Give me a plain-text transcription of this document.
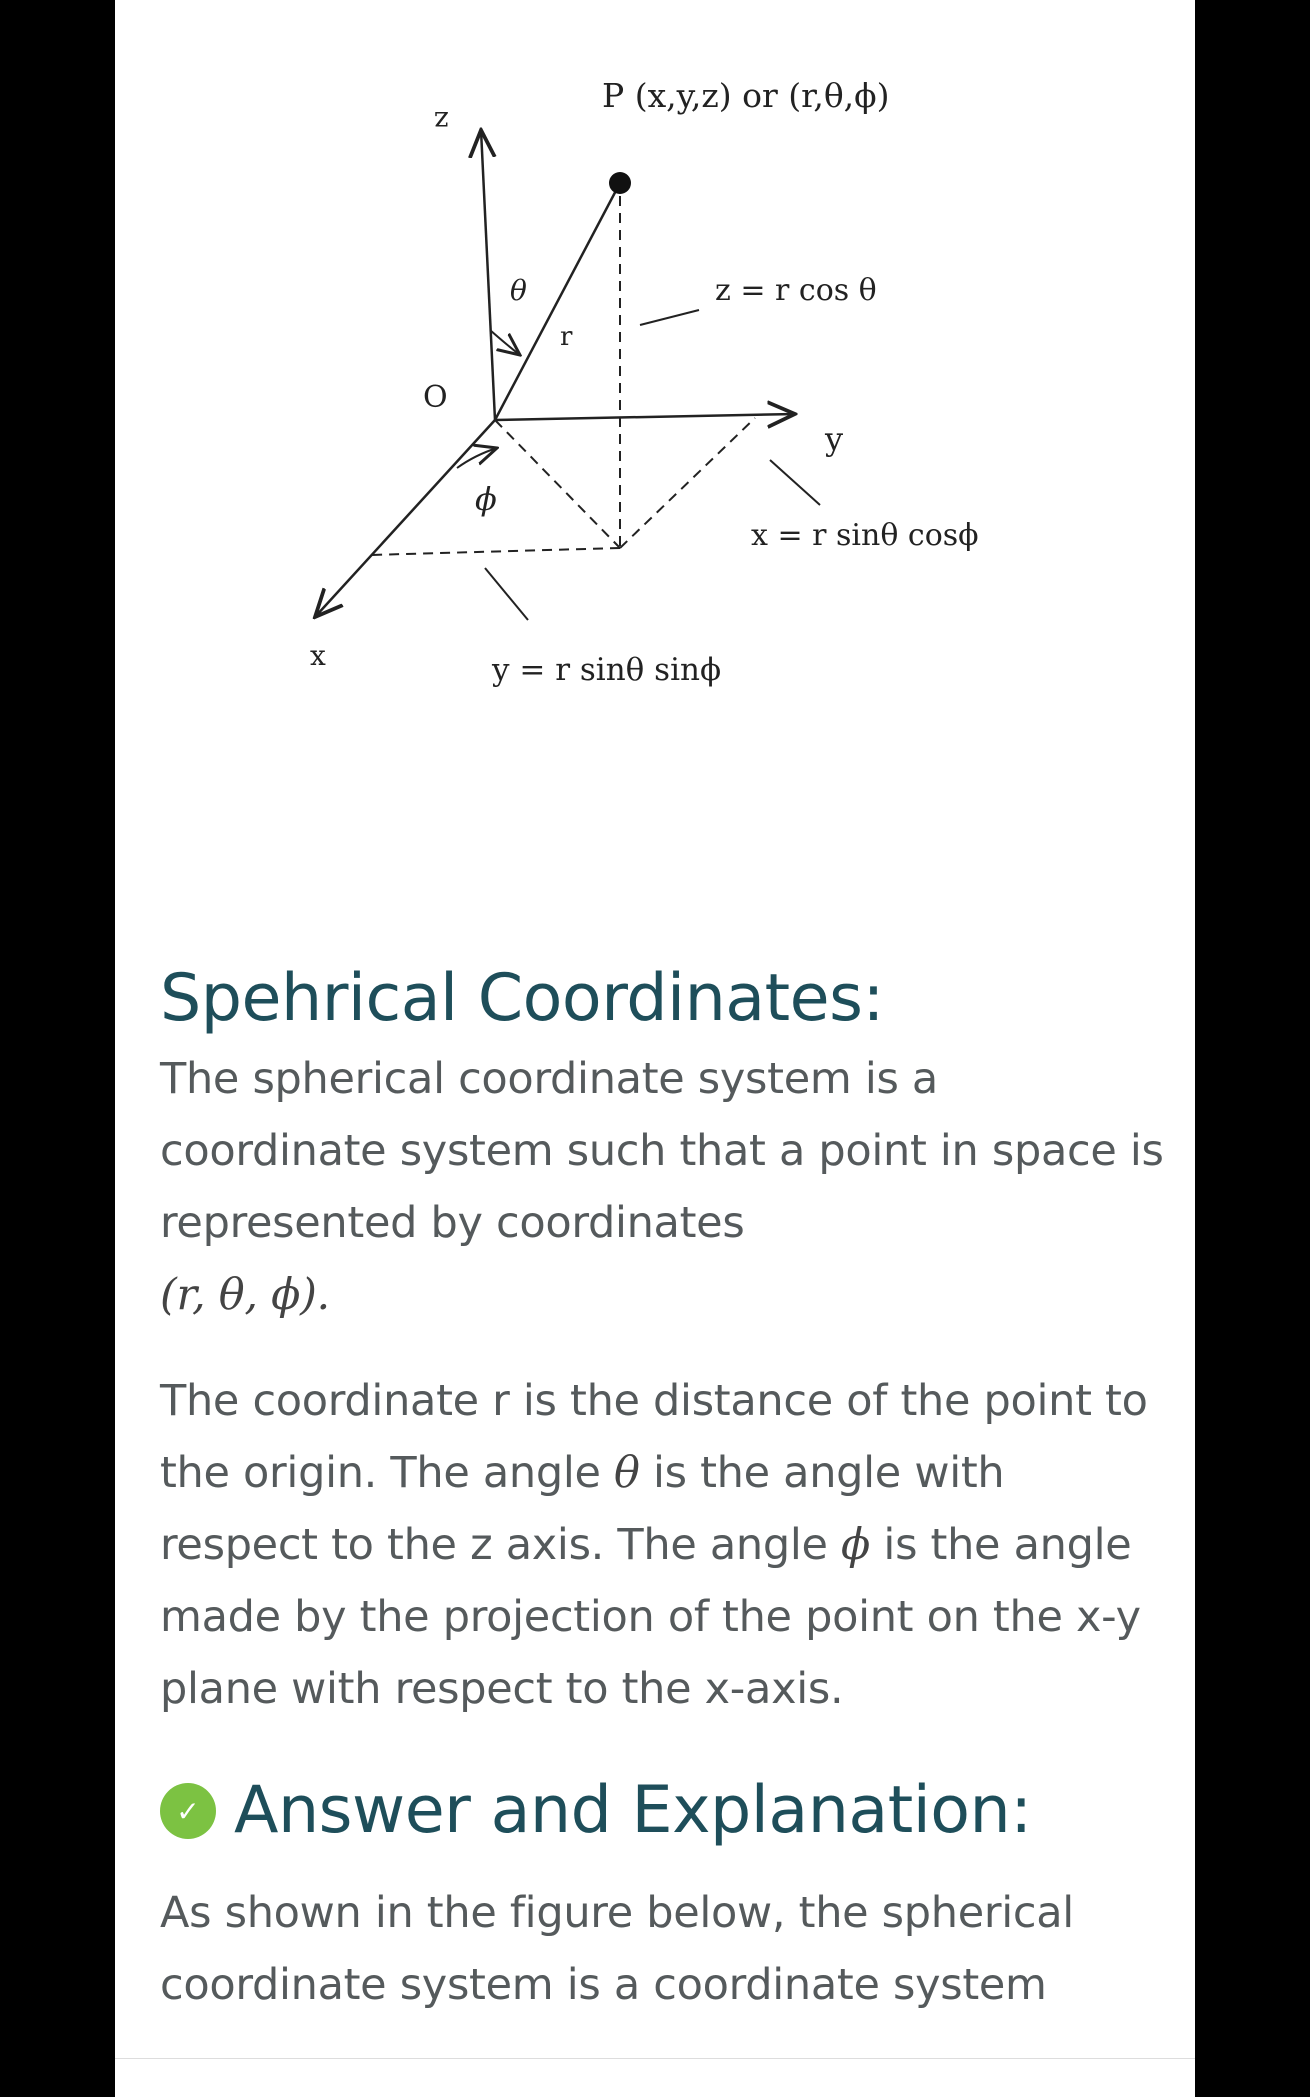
P (x,y,z) or (r,θ,ϕ)
z
θ
r
O
ϕ
x
y
z = r cos θ
x = r sinθ cosϕ
y = r sinθ sinϕ
Spehrical Coordinates:

The spherical coordinate system is a coordinate system such that a point in space is represented by coordinates
(r, θ, ϕ).

The coordinate r is the distance of the point to the origin. The angle θ is the angle with respect to the z axis. The angle ϕ is the angle made by the projection of the point on the x-y plane with respect to the x-axis.

✓ Answer and Explanation:

As shown in the figure below, the spherical coordinate system is a coordinate system
